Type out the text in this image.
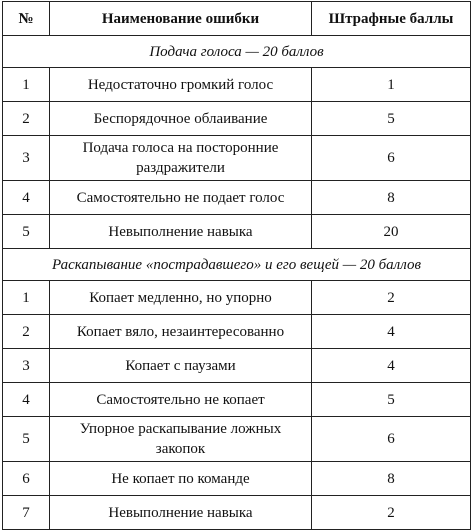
№	Наименование ошибки	Штрафные баллы
Подача голоса — 20 баллов		
1	Недостаточно громкий голос	1
2	Беспорядочное облаивание	5
3	Подача голоса на посторонние раздражители	6
4	Самостоятельно не подает голос	8
5	Невыполнение навыка	20
Раскапывание «пострадавшего» и его вещей — 20 баллов		
1	Копает медленно, но упорно	2
2	Копает вяло, незаинтересованно	4
3	Копает с паузами	4
4	Самостоятельно не копает	5
5	Упорное раскапывание ложных закопок	6
6	Не копает по команде	8
7	Невыполнение навыка	2
